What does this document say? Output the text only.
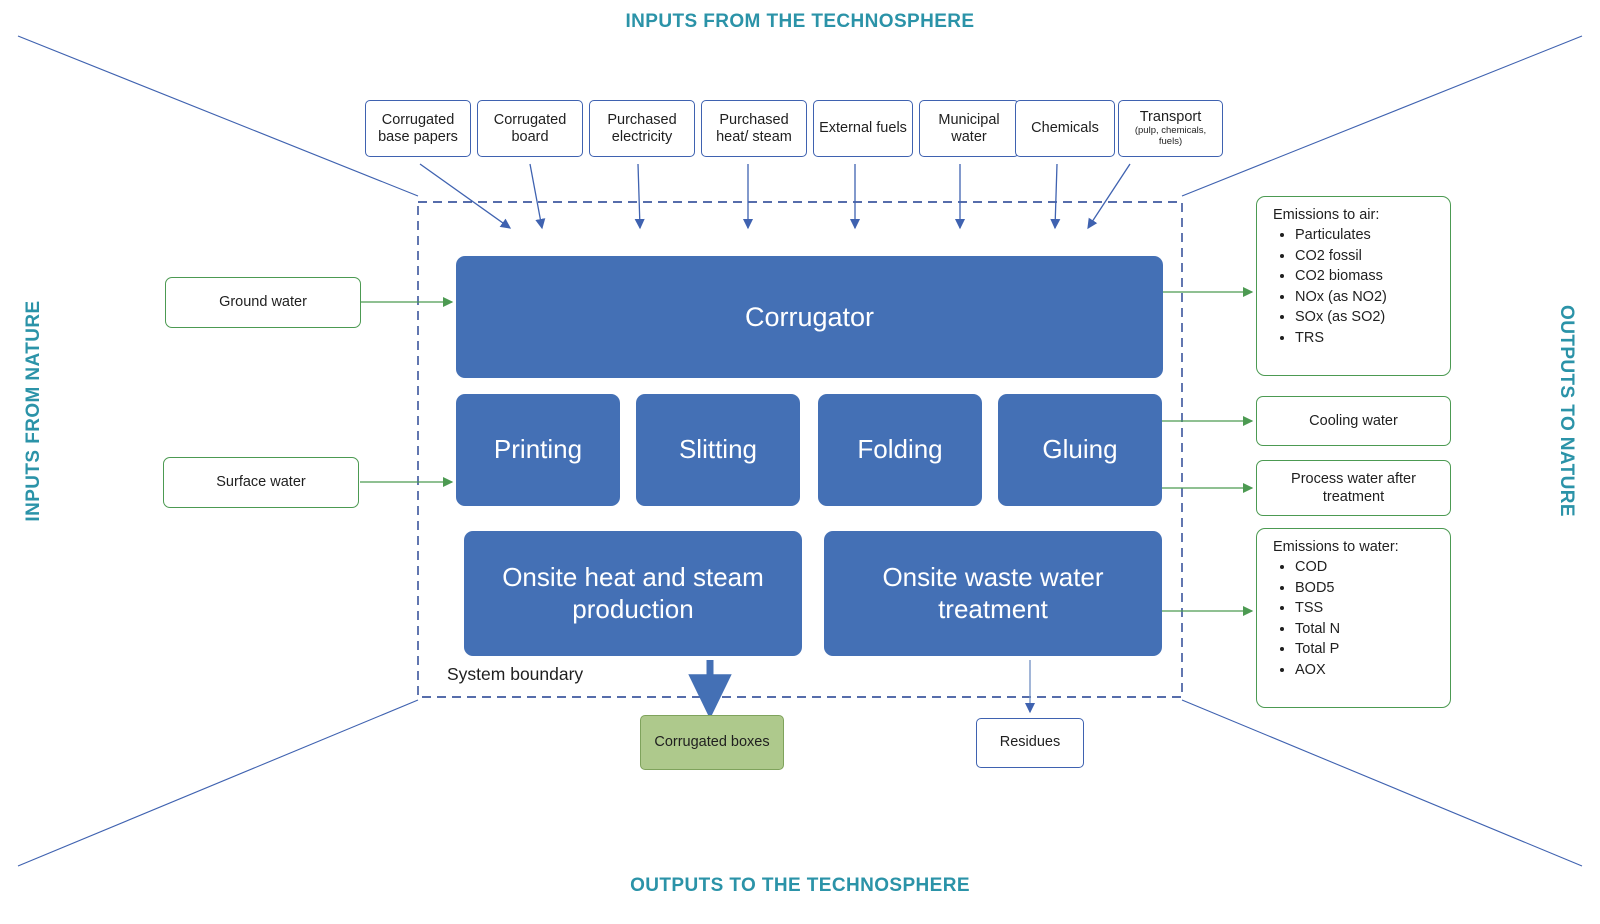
INPUTS FROM THE TECHNOSPHERE
OUTPUTS TO THE TECHNOSPHERE
INPUTS FROM NATURE	OUTPUTS TO NATURE
Corrugated base papers
Corrugated board
Purchased electricity
Purchased heat/ steam
External fuels
Municipal water
Chemicals
Transport
(pulp, chemicals, fuels)
Ground water
Surface water
Corrugator
Printing	Slitting	Folding	Gluing
Onsite heat and steam production
Onsite waste water treatment
System boundary
Emissions to air:
• Particulates
• CO2 fossil
• CO2 biomass
• NOx (as NO2)
• SOx (as SO2)
• TRS
Cooling water
Process water after treatment
Emissions to water:
• COD
• BOD5
• TSS
• Total N
• Total P
• AOX
Corrugated boxes	Residues
